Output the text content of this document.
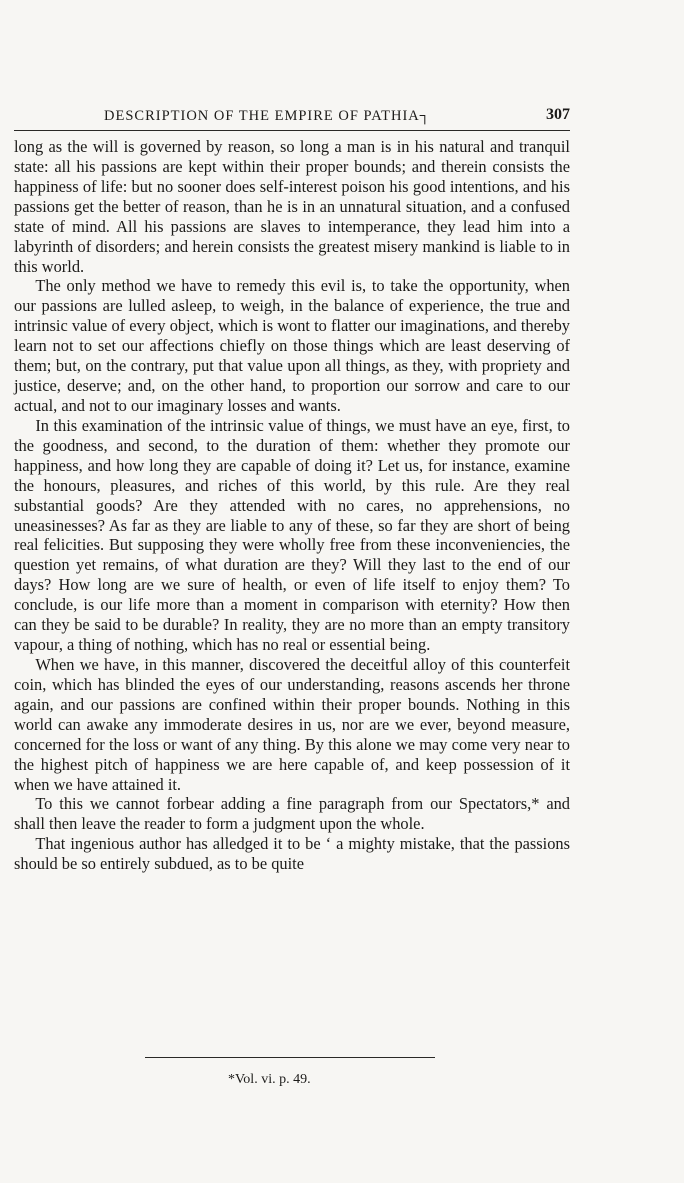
DESCRIPTION OF THE EMPIRE OF PATHIA┐	307

long as the will is governed by reason, so long a man is in his natural and tranquil state: all his passions are kept within their proper bounds; and therein consists the happiness of life: but no sooner does self-interest poison his good intentions, and his passions get the better of reason, than he is in an unnatural situation, and a confused state of mind. All his passions are slaves to intemperance, they lead him into a labyrinth of disorders; and herein consists the greatest misery mankind is liable to in this world.

The only method we have to remedy this evil is, to take the opportunity, when our passions are lulled asleep, to weigh, in the balance of experience, the true and intrinsic value of every object, which is wont to flatter our imaginations, and thereby learn not to set our affections chiefly on those things which are least deserving of them; but, on the contrary, put that value upon all things, as they, with propriety and justice, deserve; and, on the other hand, to proportion our sorrow and care to our actual, and not to our imaginary losses and wants.

In this examination of the intrinsic value of things, we must have an eye, first, to the goodness, and second, to the duration of them: whether they promote our happiness, and how long they are capable of doing it? Let us, for instance, examine the honours, pleasures, and riches of this world, by this rule. Are they real substantial goods? Are they attended with no cares, no apprehensions, no uneasinesses? As far as they are liable to any of these, so far they are short of being real felicities. But supposing they were wholly free from these inconveniencies, the question yet remains, of what duration are they? Will they last to the end of our days? How long are we sure of health, or even of life itself to enjoy them? To conclude, is our life more than a moment in comparison with eternity? How then can they be said to be durable? In reality, they are no more than an empty transitory vapour, a thing of nothing, which has no real or essential being.

When we have, in this manner, discovered the deceitful alloy of this counterfeit coin, which has blinded the eyes of our understanding, reasons ascends her throne again, and our passions are confined within their proper bounds. Nothing in this world can awake any immoderate desires in us, nor are we ever, beyond measure, concerned for the loss or want of any thing. By this alone we may come very near to the highest pitch of happiness we are here capable of, and keep possession of it when we have attained it.

To this we cannot forbear adding a fine paragraph from our Spectators,* and shall then leave the reader to form a judgment upon the whole.

That ingenious author has alledged it to be ‘ a mighty mistake, that the passions should be so entirely subdued, as to be quite

*Vol. vi. p. 49.
